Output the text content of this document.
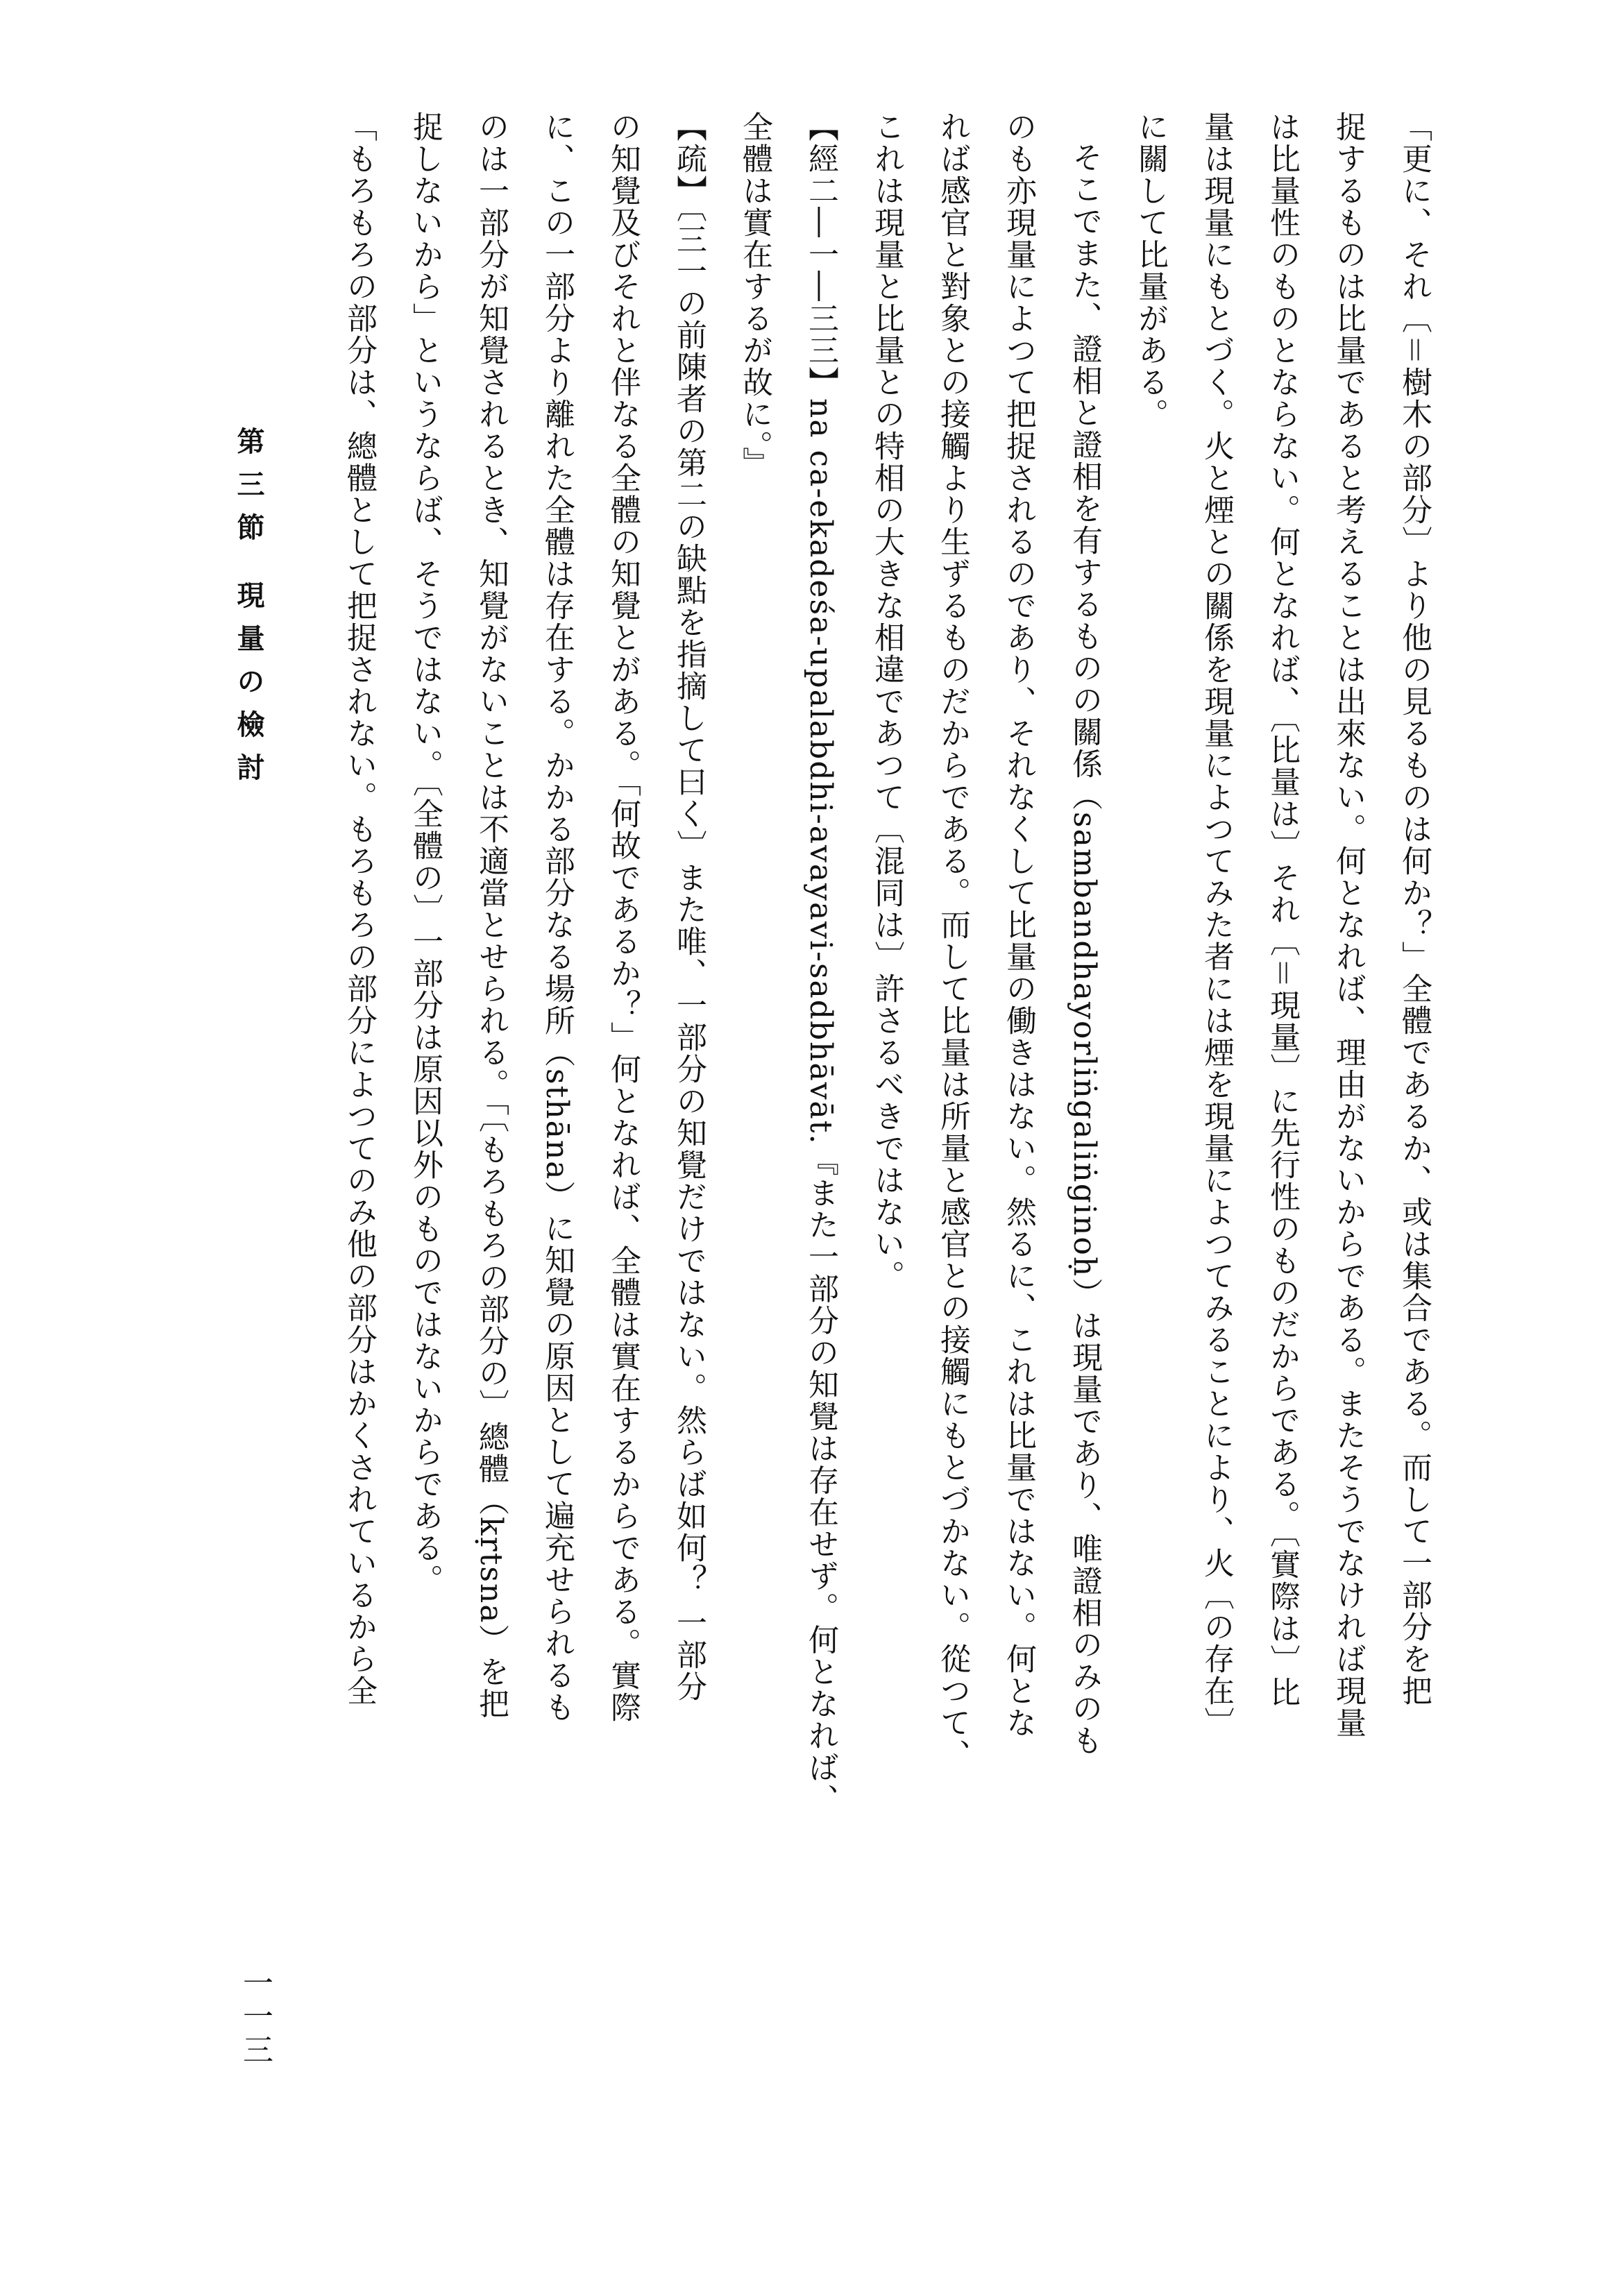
「更に、それ〔＝樹木の部分〕より他の見るものは何か？」全體であるか、或は集合である。而して一部分を把
捉するものは比量であると考えることは出來ない。何となれば、理由がないからである。またそうでなければ現量
は比量性のものとならない。何となれば、〔比量は〕それ〔＝現量〕に先行性のものだからである。〔實際は〕比
量は現量にもとづく。火と煙との關係を現量によつてみた者には煙を現量によつてみることにより、火〔の存在〕
に關して比量がある。
そこでまた、證相と證相を有するものの關係（sambandhayorliṅgaliṅginoḥ）は現量であり、唯證相のみのも
のも亦現量によつて把捉されるのであり、それなくして比量の働きはない。然るに、これは比量ではない。何とな
れば感官と對象との接觸より生ずるものだからである。而して比量は所量と感官との接觸にもとづかない。從つて、
これは現量と比量との特相の大きな相違であつて〔混同は〕許さるべきではない。
【經二―一―三三】na ca-ekadeśa-upalabdhi-avayavi-sadbhāvāt.『また一部分の知覺は存在せず。何となれば、
全體は實在するが故に。』
【疏】〔三一の前陳者の第二の缺點を指摘して曰く〕また唯、一部分の知覺だけではない。然らば如何？ 一部分
の知覺及びそれと伴なる全體の知覺とがある。「何故であるか？」何となれば、全體は實在するからである。實際
に、この一部分より離れた全體は存在する。かかる部分なる場所（sthāna）に知覺の原因として遍充せられるも
のは一部分が知覺されるとき、知覺がないことは不適當とせられる。「〔もろもろの部分の〕總體（kṛtsna）を把
捉しないから」というならば、そうではない。〔全體の〕一部分は原因以外のものではないからである。
「もろもろの部分は、總體として把捉されない。もろもろの部分によつてのみ他の部分はかくされているから全
第三節 現量の檢討
一一三
